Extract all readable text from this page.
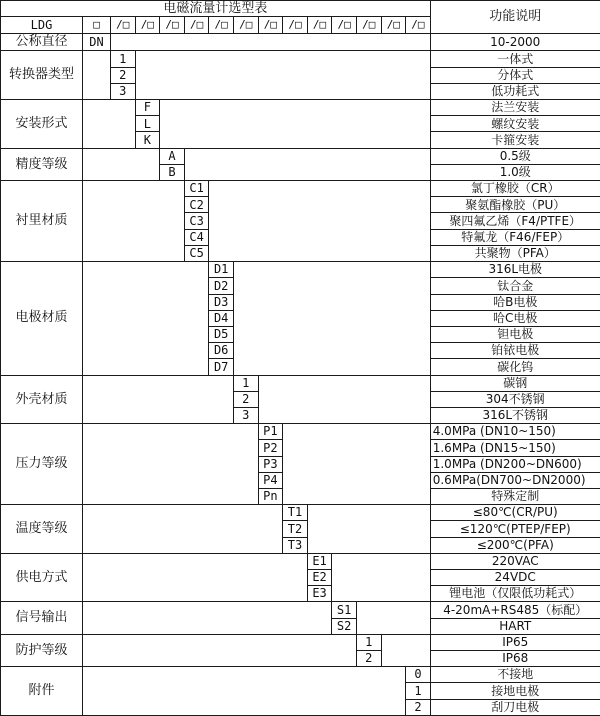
电磁流量计选型表															功能说明
LDG	□	/□	/□	/□	/□	/□	/□	/□	/□	/□	/□	/□	/□	/□	
公称直径	DN														10-2000
转换器类型		1													一体式
		2													分体式
		3													低功耗式
安装形式			F												法兰安装
			L												螺纹安装
			K												卡箍安装
精度等级				A											0.5级
				B											1.0级
衬里材质					C1										氯丁橡胶（CR）
					C2										聚氨酯橡胶（PU）
					C3										聚四氟乙烯（F4/PTFE）
					C4										特氟龙（F46/FEP）
					C5										共聚物（PFA）
电极材质						D1									316L电极
						D2									钛合金
						D3									哈B电极
						D4									哈C电极
						D5									钽电极
						D6									铂铱电极
						D7									碳化钨
外壳材质							1								碳钢
							2								304不锈钢
							3								316L不锈钢
压力等级								P1							4.0MPa (DN10~150)
								P2							1.6MPa (DN15~150)
								P3							1.0MPa (DN200~DN600)
								P4							0.6MPa(DN700~DN2000)
								Pn							特殊定制
温度等级									T1						≤80℃(CR/PU)
									T2						≤120℃(PTEP/FEP)
									T3						≤200℃(PFA)
供电方式										E1					220VAC
										E2					24VDC
										E3					锂电池（仅限低功耗式）
信号输出											S1				4-20mA+RS485（标配）
											S2				HART
防护等级												1			IP65
												2			IP68
附件														0	不接地
														1	接地电极
														2	刮刀电极
